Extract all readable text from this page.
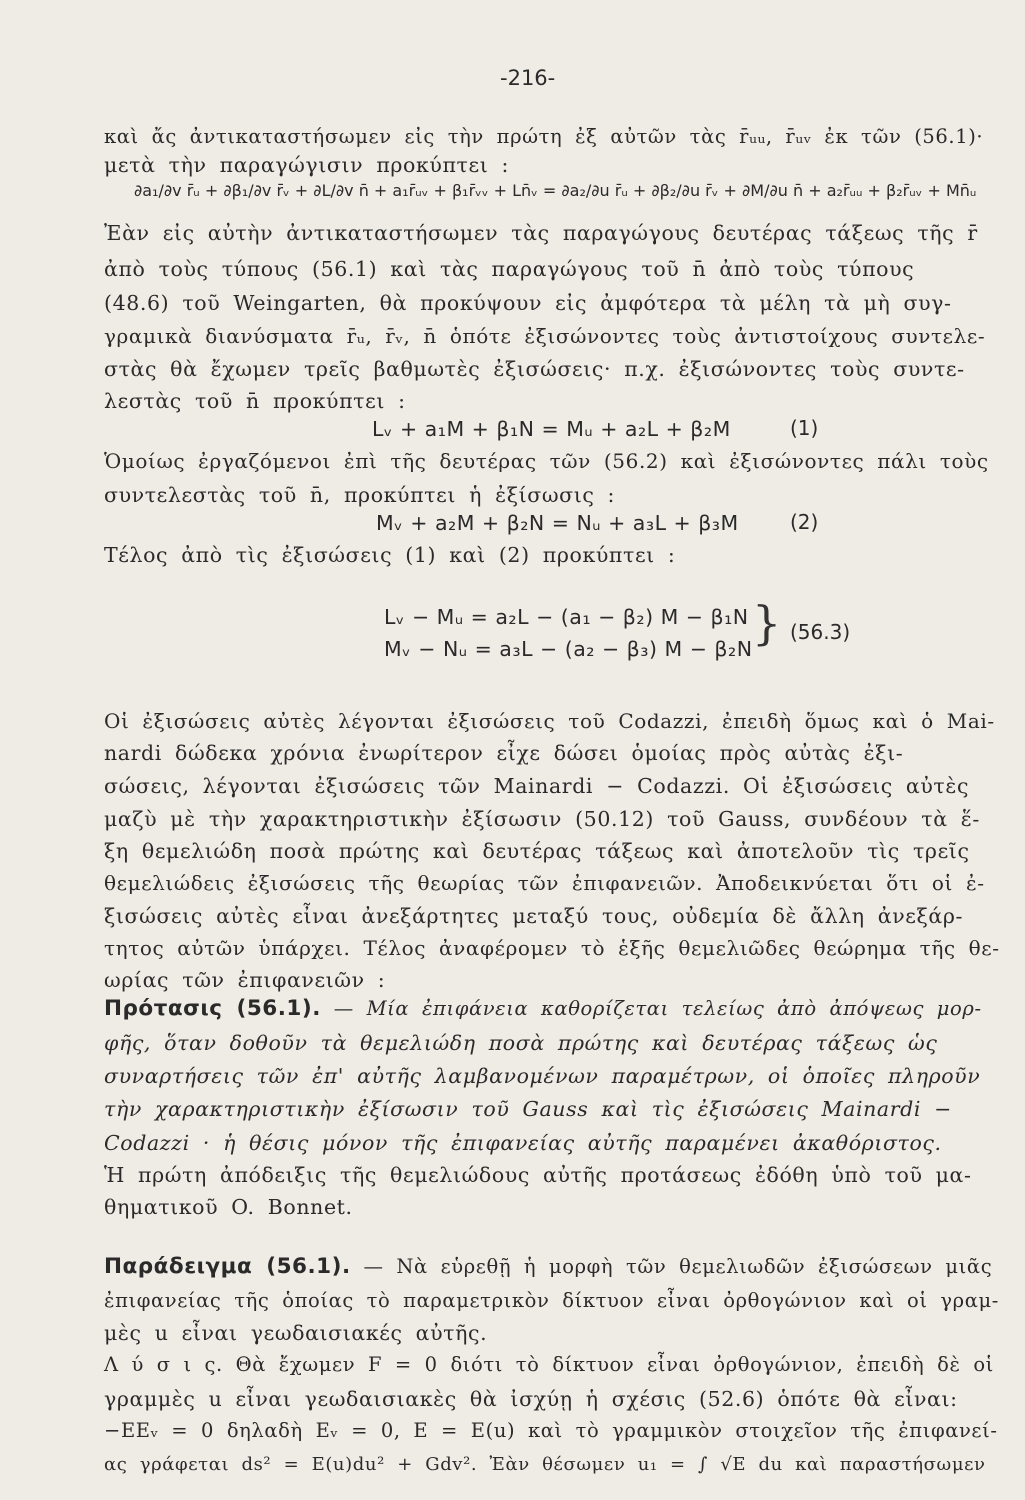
-216-
καὶ ἄς ἀντικαταστήσωμεν εἰς τὴν πρώτη ἐξ αὐτῶν τὰς r̄ᵤᵤ, r̄ᵤᵥ ἐκ τῶν (56.1)·
μετὰ τὴν παραγώγισιν προκύπτει :
∂a₁/∂v r̄ᵤ + ∂β₁/∂v r̄ᵥ + ∂L/∂v n̄ + a₁r̄ᵤᵥ + β₁r̄ᵥᵥ + Ln̄ᵥ = ∂a₂/∂u r̄ᵤ + ∂β₂/∂u r̄ᵥ + ∂M/∂u n̄ + a₂r̄ᵤᵤ + β₂r̄ᵤᵥ + Mn̄ᵤ
Ἐὰν εἰς αὐτὴν ἀντικαταστήσωμεν τὰς παραγώγους δευτέρας τάξεως τῆς r̄
ἀπὸ τοὺς τύπους (56.1) καὶ τὰς παραγώγους τοῦ n̄ ἀπὸ τοὺς τύπους
(48.6) τοῦ Weingarten, θὰ προκύψουν εἰς ἀμφότερα τὰ μέλη τὰ μὴ συγ-
γραμικὰ διανύσματα r̄ᵤ, r̄ᵥ, n̄ ὁπότε ἐξισώνοντες τοὺς ἀντιστοίχους συντελε-
στὰς θὰ ἔχωμεν τρεῖς βαθμωτὲς ἐξισώσεις· π.χ. ἐξισώνοντες τοὺς συντε-
λεστὰς τοῦ n̄ προκύπτει :
Lᵥ + a₁M + β₁N = Mᵤ + a₂L + β₂M	(1)
Ὁμοίως ἐργαζόμενοι ἐπὶ τῆς δευτέρας τῶν (56.2) καὶ ἐξισώνοντες πάλι τοὺς
συντελεστὰς τοῦ n̄, προκύπτει ἡ ἐξίσωσις :
Mᵥ + a₂M + β₂N = Nᵤ + a₃L + β₃M	(2)
Τέλος ἀπὸ τὶς ἐξισώσεις (1) καὶ (2) προκύπτει :
Lᵥ − Mᵤ = a₂L − (a₁ − β₂) M − β₁N
Mᵥ − Nᵤ = a₃L − (a₂ − β₃) M − β₂N } (56.3)
Οἱ ἐξισώσεις αὐτὲς λέγονται ἐξισώσεις τοῦ Codazzi, ἐπειδὴ ὅμως καὶ ὁ Mai-
nardi δώδεκα χρόνια ἐνωρίτερον εἶχε δώσει ὁμοίας πρὸς αὐτὰς ἐξι-
σώσεις, λέγονται ἐξισώσεις τῶν Mainardi − Codazzi. Οἱ ἐξισώσεις αὐτὲς
μαζὺ μὲ τὴν χαρακτηριστικὴν ἐξίσωσιν (50.12) τοῦ Gauss, συνδέουν τὰ ἕ-
ξη θεμελιώδη ποσὰ πρώτης καὶ δευτέρας τάξεως καὶ ἀποτελοῦν τὶς τρεῖς
θεμελιώδεις ἐξισώσεις τῆς θεωρίας τῶν ἐπιφανειῶν. Ἀποδεικνύεται ὅτι οἱ ἐ-
ξισώσεις αὐτὲς εἶναι ἀνεξάρτητες μεταξύ τους, οὐδεμία δὲ ἄλλη ἀνεξάρ-
τητος αὐτῶν ὑπάρχει. Τέλος ἀναφέρομεν τὸ ἑξῆς θεμελιῶδες θεώρημα τῆς θε-
ωρίας τῶν ἐπιφανειῶν :
Πρότασις (56.1). — Μία ἐπιφάνεια καθορίζεται τελείως ἀπὸ ἀπόψεως μορ-
φῆς, ὅταν δοθοῦν τὰ θεμελιώδη ποσὰ πρώτης καὶ δευτέρας τάξεως ὡς
συναρτήσεις τῶν ἐπ' αὐτῆς λαμβανομένων παραμέτρων, οἱ ὁποῖες πληροῦν
τὴν χαρακτηριστικὴν ἐξίσωσιν τοῦ Gauss καὶ τὶς ἐξισώσεις Mainardi −
Codazzi · ἡ θέσις μόνον τῆς ἐπιφανείας αὐτῆς παραμένει ἀκαθόριστος.
Ἡ πρώτη ἀπόδειξις τῆς θεμελιώδους αὐτῆς προτάσεως ἐδόθη ὑπὸ τοῦ μα-
θηματικοῦ O. Bonnet.
Παράδειγμα (56.1). — Νὰ εὑρεθῇ ἡ μορφὴ τῶν θεμελιωδῶν ἐξισώσεων μιᾶς
ἐπιφανείας τῆς ὁποίας τὸ παραμετρικὸν δίκτυον εἶναι ὀρθογώνιον καὶ οἱ γραμ-
μὲς u εἶναι γεωδαισιακές αὐτῆς.
Λ ύ σ ι ς. Θὰ ἔχωμεν F = 0 διότι τὸ δίκτυον εἶναι ὀρθογώνιον, ἐπειδὴ δὲ οἱ
γραμμὲς u εἶναι γεωδαισιακὲς θὰ ἰσχύῃ ἡ σχέσις (52.6) ὁπότε θὰ εἶναι:
−EEᵥ = 0 δηλαδὴ Eᵥ = 0, E = E(u) καὶ τὸ γραμμικὸν στοιχεῖον τῆς ἐπιφανεί-
ας γράφεται ds² = E(u)du² + Gdv². Ἐὰν θέσωμεν u₁ = ∫ √E du καὶ παραστήσωμεν
